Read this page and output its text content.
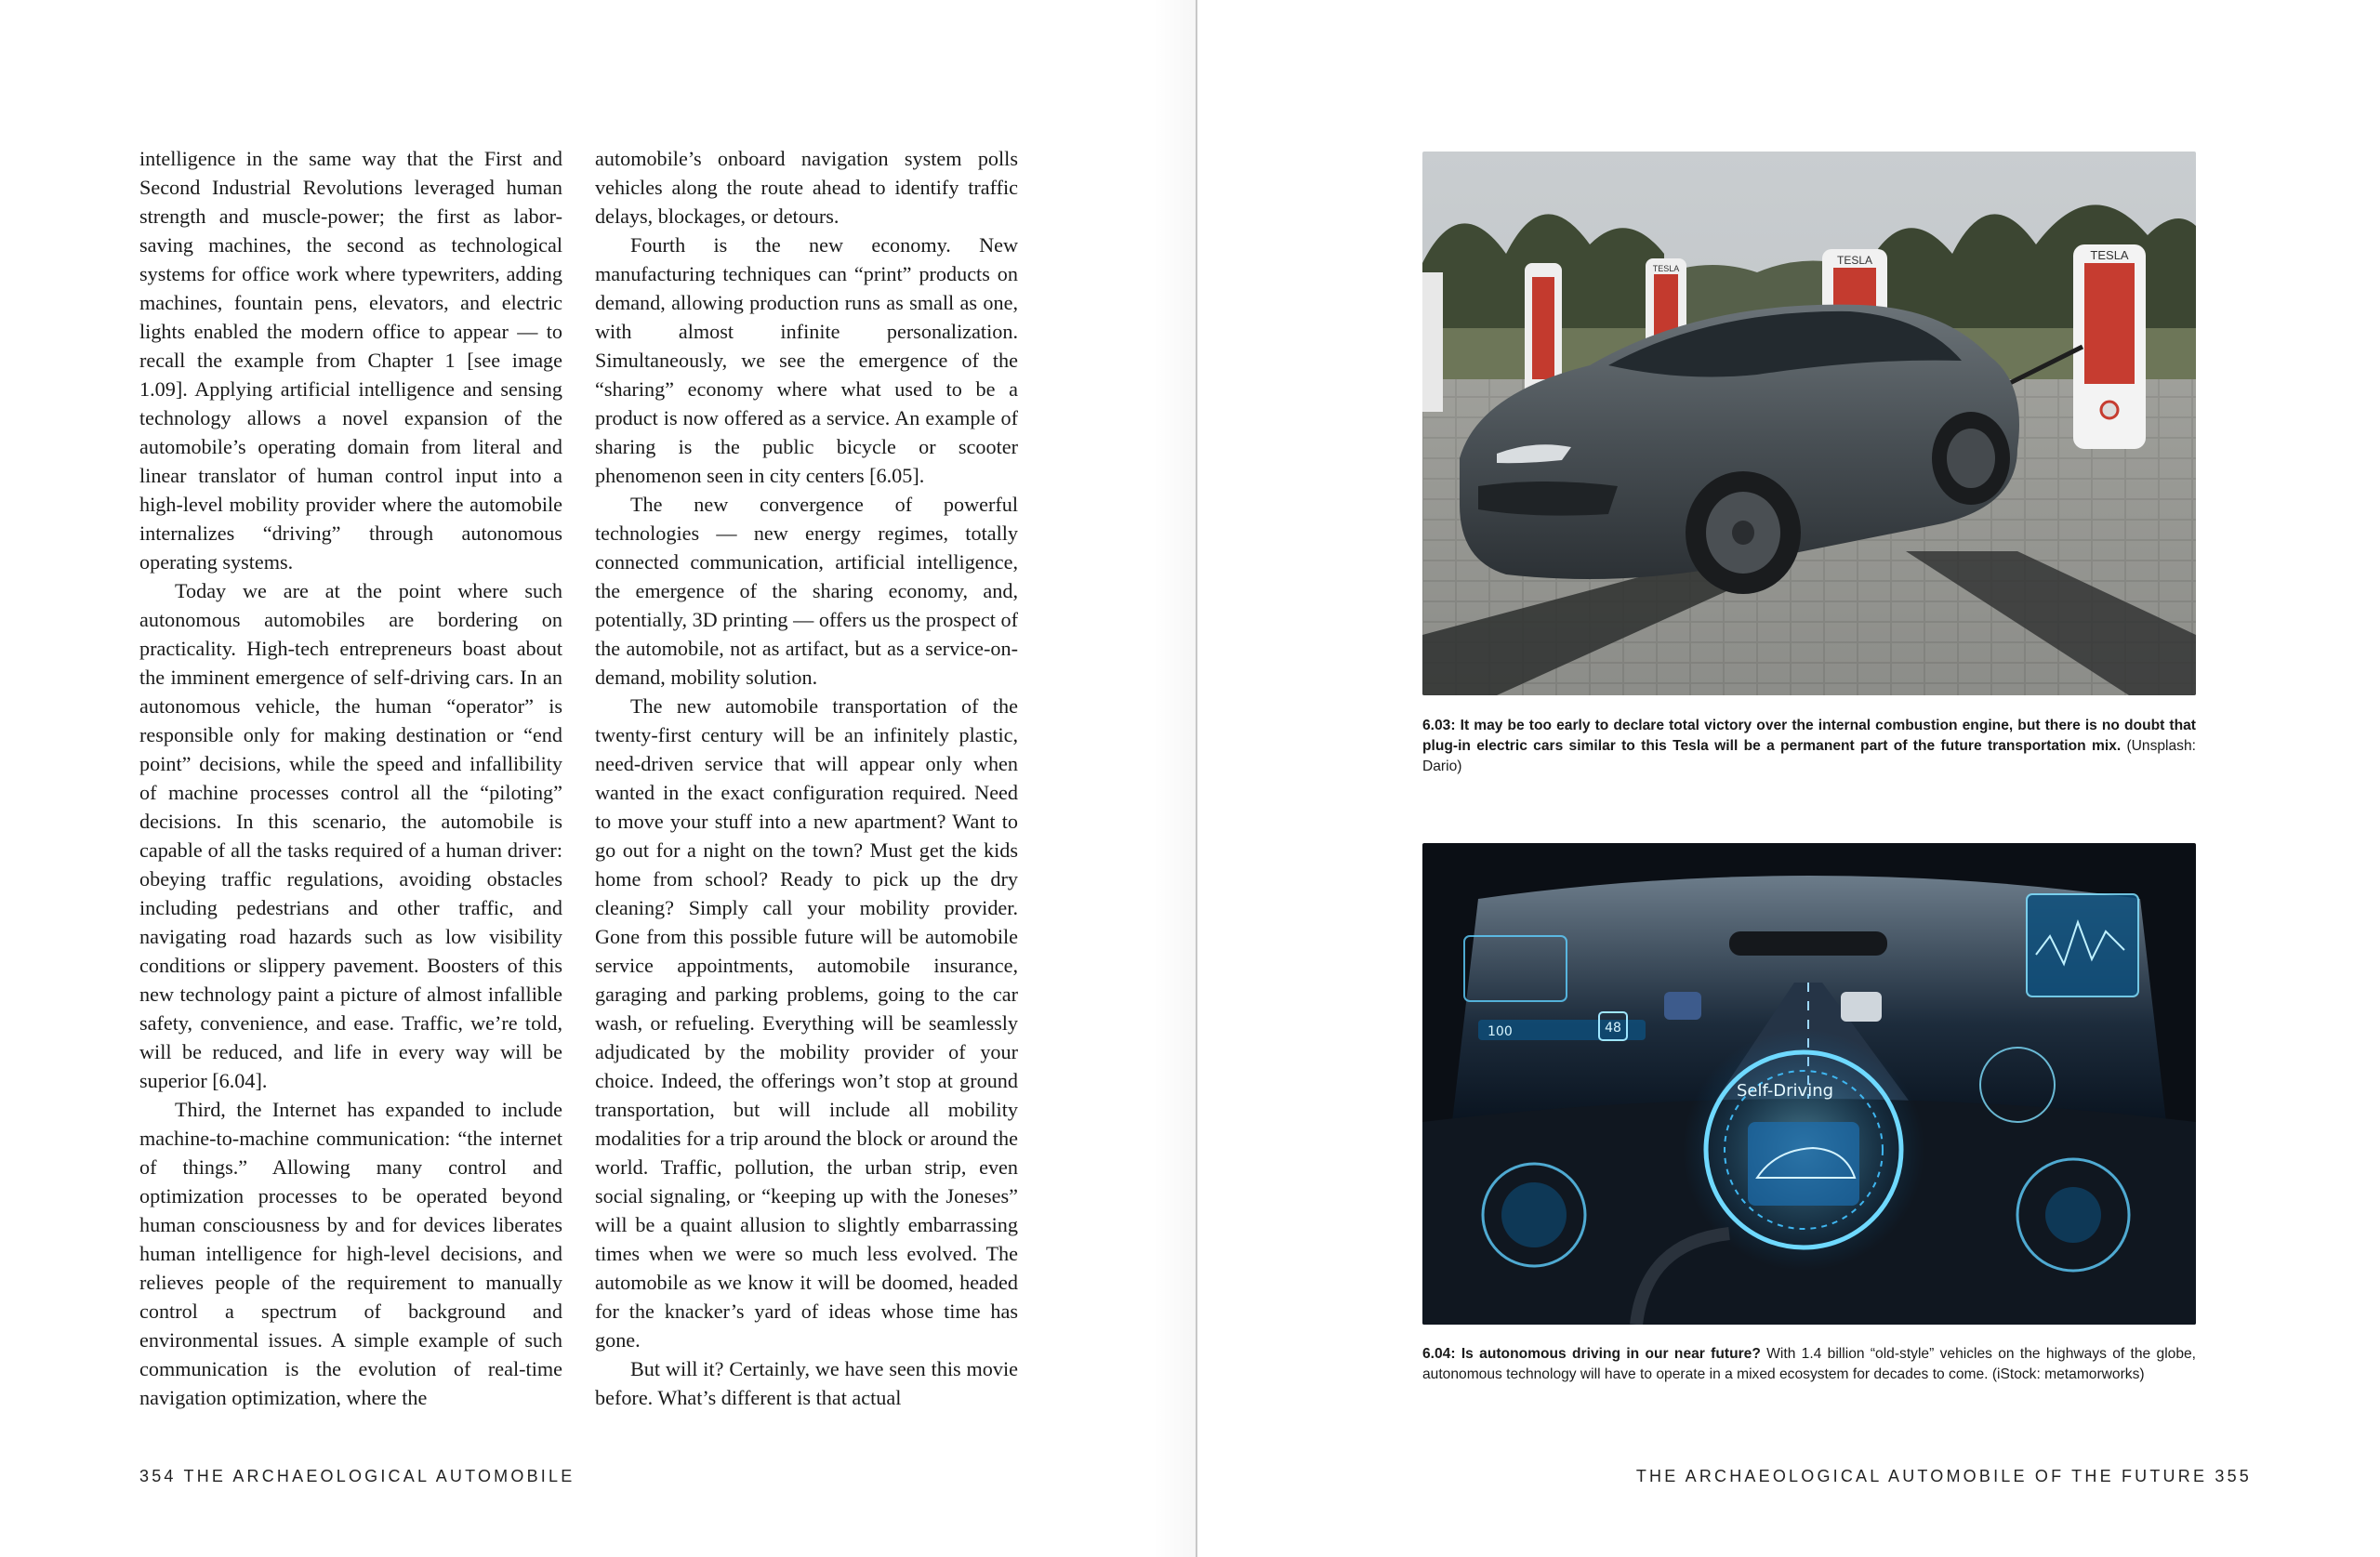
intelligence in the same way that the First and Second Industrial Revolutions leveraged human strength and muscle-power; the first as labor-saving machines, the second as technological systems for office work where typewriters, adding machines, fountain pens, elevators, and electric lights enabled the modern office to appear — to recall the example from Chapter 1 [see image 1.09]. Applying artificial intelligence and sensing technology allows a novel expansion of the automobile’s operating domain from literal and linear translator of human control input into a high-level mobility provider where the automobile internalizes “driving” through autonomous operating systems.

Today we are at the point where such autonomous automobiles are bordering on practicality. High-tech entrepreneurs boast about the imminent emergence of self-driving cars. In an autonomous vehicle, the human “operator” is responsible only for making destination or “end point” decisions, while the speed and infallibility of machine processes control all the “piloting” decisions. In this scenario, the automobile is capable of all the tasks required of a human driver: obeying traffic regulations, avoiding obstacles including pedestrians and other traffic, and navigating road hazards such as low visibility conditions or slippery pavement. Boosters of this new technology paint a picture of almost infallible safety, convenience, and ease. Traffic, we’re told, will be reduced, and life in every way will be superior [6.04].

Third, the Internet has expanded to include machine-to-machine communication: “the internet of things.” Allowing many control and optimization processes to be operated beyond human consciousness by and for devices liberates human intelligence for high-level decisions, and relieves people of the requirement to manually control a spectrum of background and environmental issues. A simple example of such communication is the evolution of real-time navigation optimization, where the

automobile’s onboard navigation system polls vehicles along the route ahead to identify traffic delays, blockages, or detours.

Fourth is the new economy. New manufacturing techniques can “print” products on demand, allowing production runs as small as one, with almost infinite personalization. Simultaneously, we see the emergence of the “sharing” economy where what used to be a product is now offered as a service. An example of sharing is the public bicycle or scooter phenomenon seen in city centers [6.05].

The new convergence of powerful technologies — new energy regimes, totally connected communication, artificial intelligence, the emergence of the sharing economy, and, potentially, 3D printing — offers us the prospect of the automobile, not as artifact, but as a service-on-demand, mobility solution.

The new automobile transportation of the twenty-first century will be an infinitely plastic, need-driven service that will appear only when wanted in the exact configuration required. Need to move your stuff into a new apartment? Want to go out for a night on the town? Must get the kids home from school? Ready to pick up the dry cleaning? Simply call your mobility provider. Gone from this possible future will be automobile service appointments, automobile insurance, garaging and parking problems, going to the car wash, or refueling. Everything will be seamlessly adjudicated by the mobility provider of your choice. Indeed, the offerings won’t stop at ground transportation, but will include all mobility modalities for a trip around the block or around the world. Traffic, pollution, the urban strip, even social signaling, or “keeping up with the Joneses” will be a quaint allusion to slightly embarrassing times when we were so much less evolved. The automobile as we know it will be doomed, headed for the knacker’s yard of ideas whose time has gone.

But will it? Certainly, we have seen this movie before. What’s different is that actual

354 THE ARCHAEOLOGICAL AUTOMOBILE
TESLA
TESLA	TESLA
6.03: It may be too early to declare total victory over the internal combustion engine, but there is no doubt that plug-in electric cars similar to this Tesla will be a permanent part of the future transportation mix. (Unsplash: Dario)
100	48
Self-Driving
6.04: Is autonomous driving in our near future? With 1.4 billion “old-style” vehicles on the highways of the globe, autonomous technology will have to operate in a mixed ecosystem for decades to come. (iStock: metamorworks)
THE ARCHAEOLOGICAL AUTOMOBILE OF THE FUTURE 355
